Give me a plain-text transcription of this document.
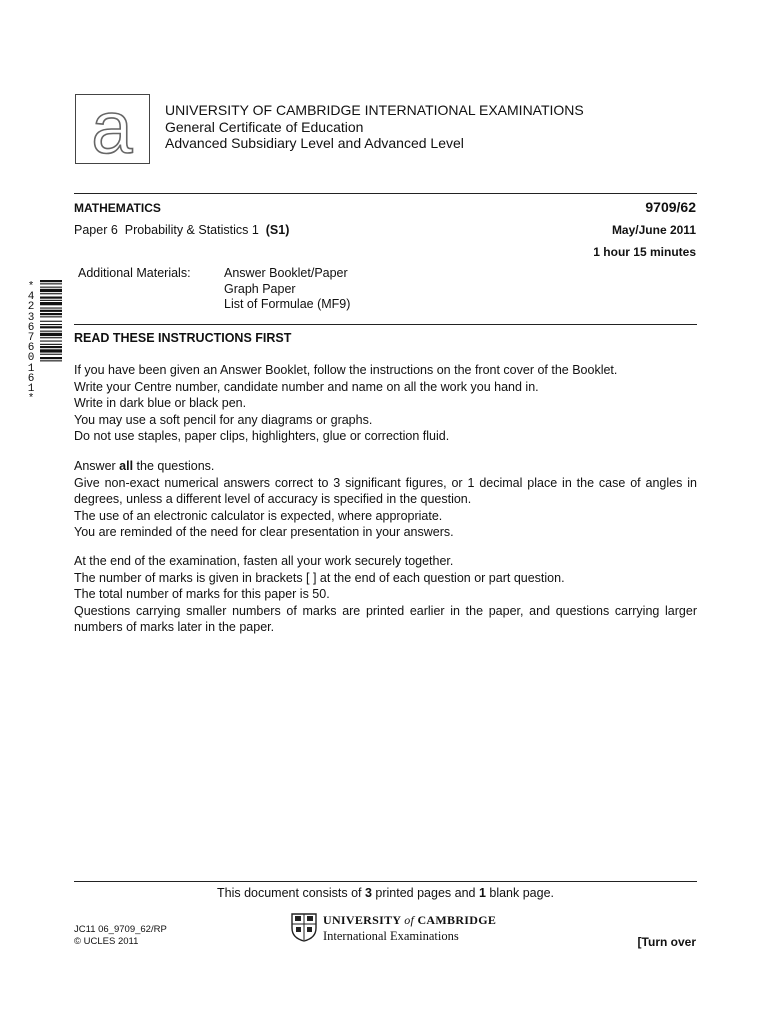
a UNIVERSITY OF CAMBRIDGE INTERNATIONAL EXAMINATIONS
General Certificate of Education
Advanced Subsidiary Level and Advanced Level
MATHEMATICS	9709/62
Paper 6  Probability & Statistics 1  (S1)	May/June 2011
1 hour 15 minutes
Additional Materials:	Answer Booklet/Paper
Graph Paper
List of Formulae (MF9)
*
4
2
3
6
7
6
0
1
6
1
*
READ THESE INSTRUCTIONS FIRST
If you have been given an Answer Booklet, follow the instructions on the front cover of the Booklet.
Write your Centre number, candidate number and name on all the work you hand in.
Write in dark blue or black pen.
You may use a soft pencil for any diagrams or graphs.
Do not use staples, paper clips, highlighters, glue or correction fluid.
Answer all the questions.
Give non-exact numerical answers correct to 3 significant figures, or 1 decimal place in the case of angles in degrees, unless a different level of accuracy is specified in the question.
The use of an electronic calculator is expected, where appropriate.
You are reminded of the need for clear presentation in your answers.
At the end of the examination, fasten all your work securely together.
The number of marks is given in brackets [ ] at the end of each question or part question.
The total number of marks for this paper is 50.
Questions carrying smaller numbers of marks are printed earlier in the paper, and questions carrying larger numbers of marks later in the paper.
This document consists of 3 printed pages and 1 blank page.
JC11 06_9709_62/RP
© UCLES 2011
UNIVERSITY of CAMBRIDGE
International Examinations	[Turn over
